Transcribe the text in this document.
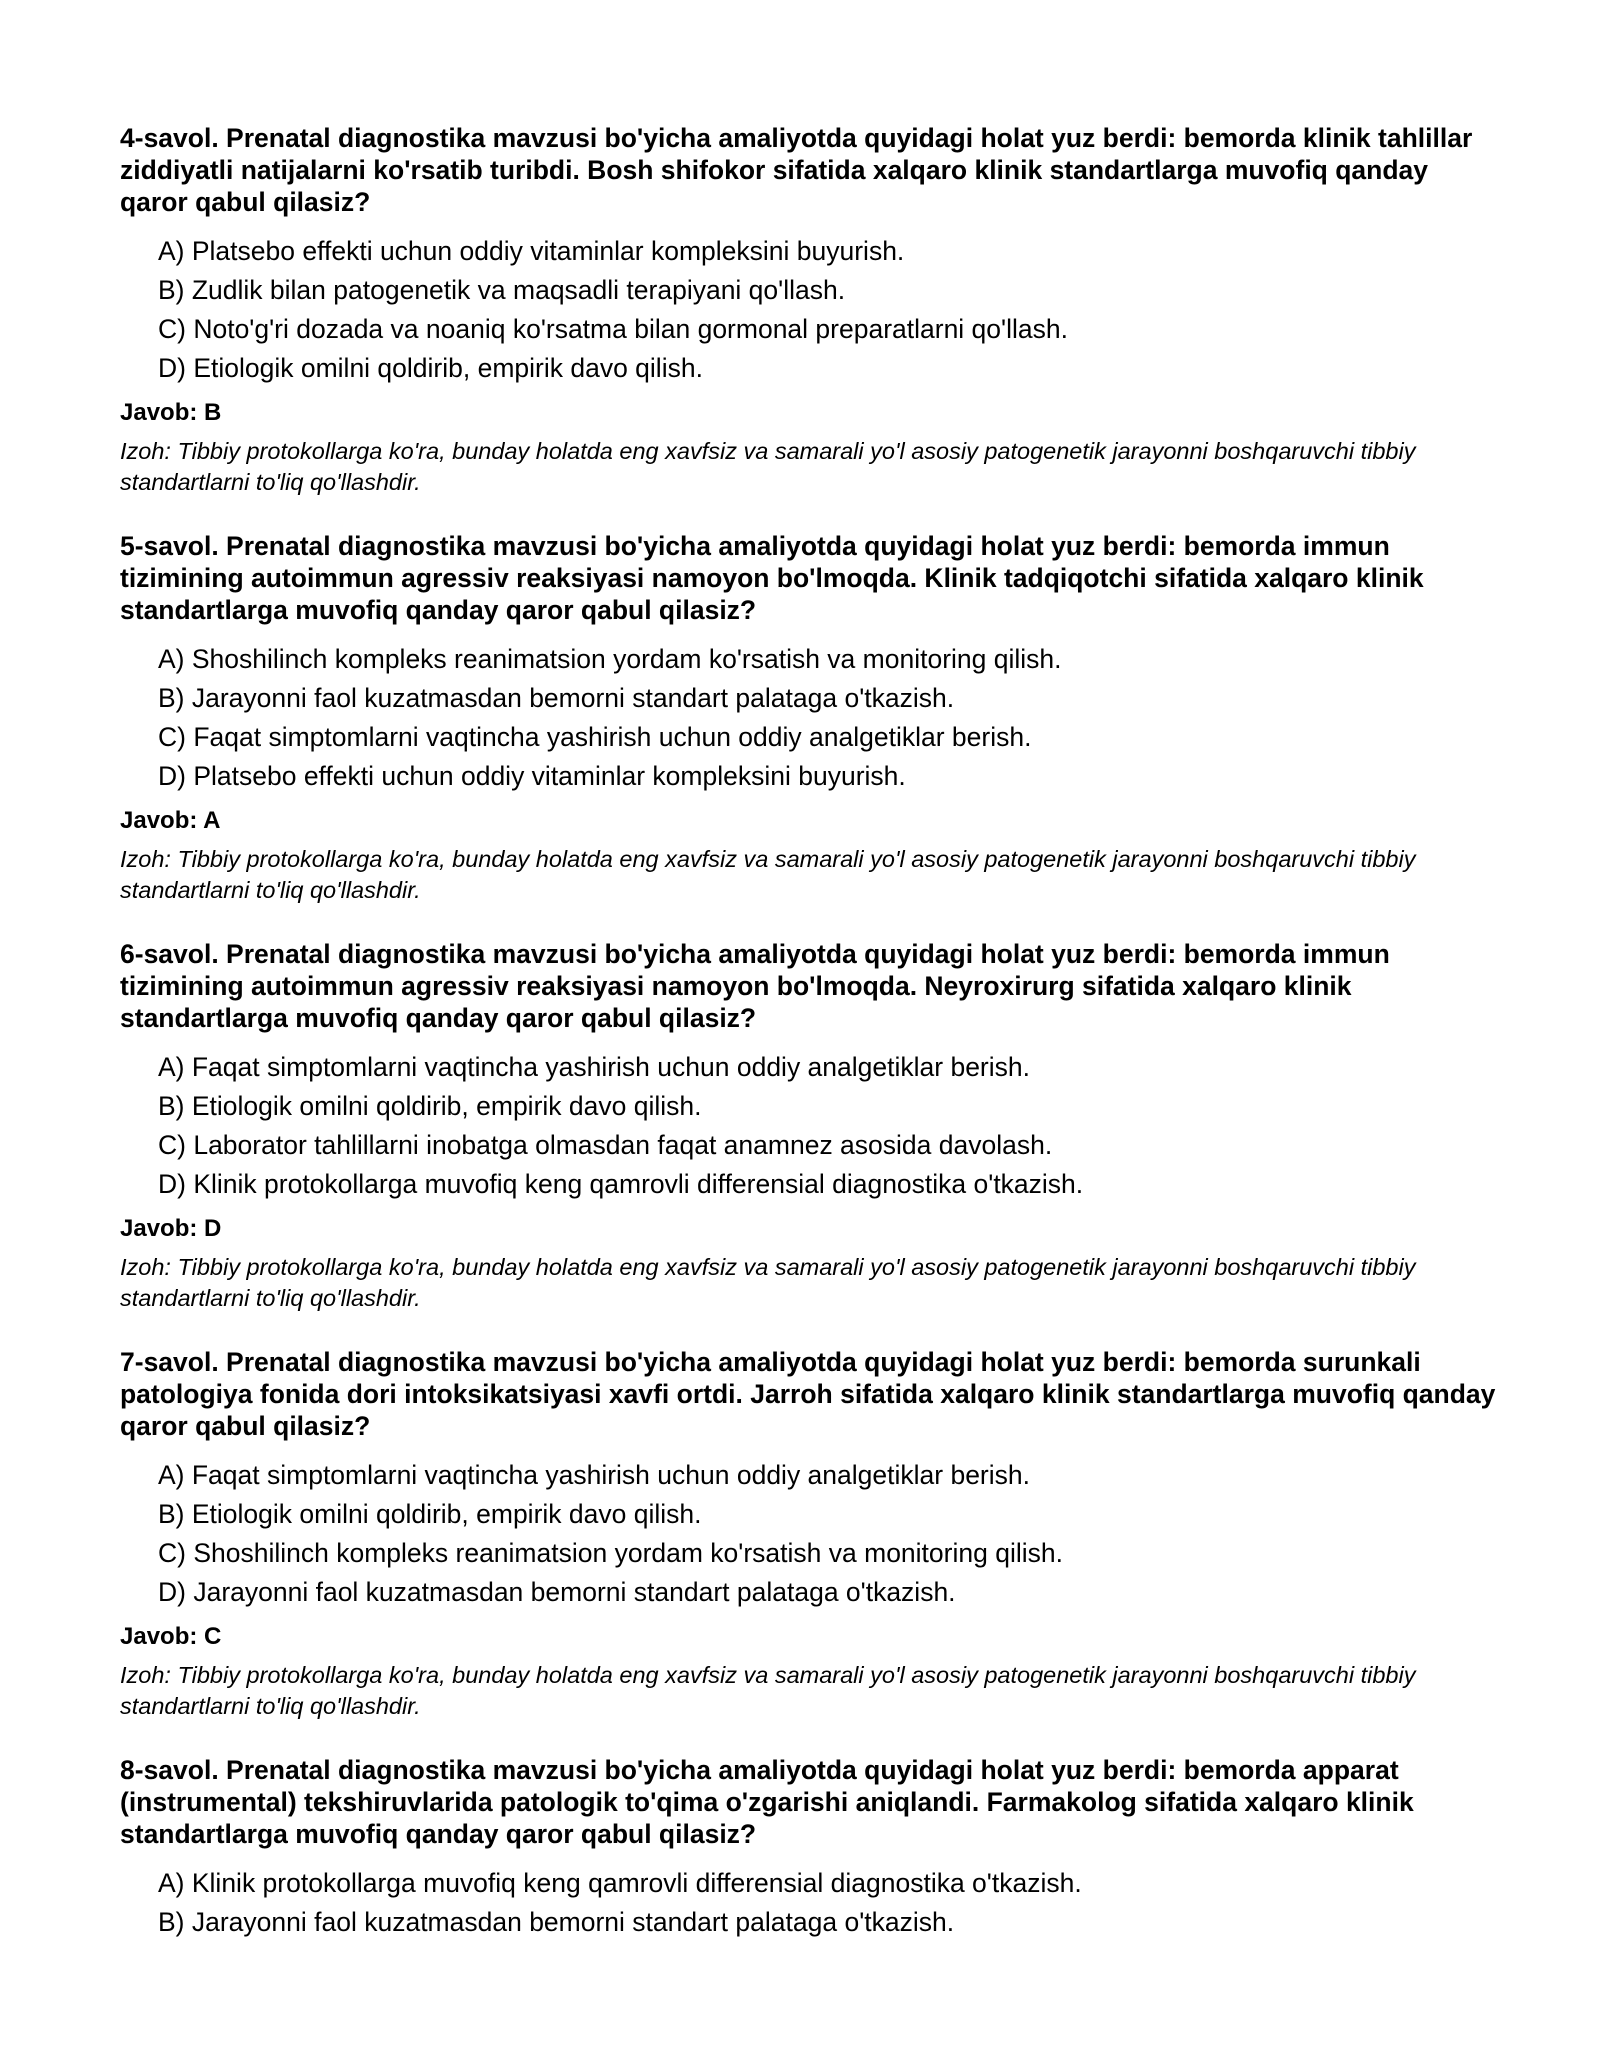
4-savol. Prenatal diagnostika mavzusi bo'yicha amaliyotda quyidagi holat yuz berdi: bemorda klinik tahlillar ziddiyatli natijalarni ko'rsatib turibdi. Bosh shifokor sifatida xalqaro klinik standartlarga muvofiq qanday qaror qabul qilasiz?
A) Platsebo effekti uchun oddiy vitaminlar kompleksini buyurish.
B) Zudlik bilan patogenetik va maqsadli terapiyani qo'llash.
C) Noto'g'ri dozada va noaniq ko'rsatma bilan gormonal preparatlarni qo'llash.
D) Etiologik omilni qoldirib, empirik davo qilish.
Javob: B
Izoh: Tibbiy protokollarga ko'ra, bunday holatda eng xavfsiz va samarali yo'l asosiy patogenetik jarayonni boshqaruvchi tibbiy standartlarni to'liq qo'llashdir.
5-savol. Prenatal diagnostika mavzusi bo'yicha amaliyotda quyidagi holat yuz berdi: bemorda immun tizimining autoimmun agressiv reaksiyasi namoyon bo'lmoqda. Klinik tadqiqotchi sifatida xalqaro klinik standartlarga muvofiq qanday qaror qabul qilasiz?
A) Shoshilinch kompleks reanimatsion yordam ko'rsatish va monitoring qilish.
B) Jarayonni faol kuzatmasdan bemorni standart palataga o'tkazish.
C) Faqat simptomlarni vaqtincha yashirish uchun oddiy analgetiklar berish.
D) Platsebo effekti uchun oddiy vitaminlar kompleksini buyurish.
Javob: A
Izoh: Tibbiy protokollarga ko'ra, bunday holatda eng xavfsiz va samarali yo'l asosiy patogenetik jarayonni boshqaruvchi tibbiy standartlarni to'liq qo'llashdir.
6-savol. Prenatal diagnostika mavzusi bo'yicha amaliyotda quyidagi holat yuz berdi: bemorda immun tizimining autoimmun agressiv reaksiyasi namoyon bo'lmoqda. Neyroxirurg sifatida xalqaro klinik standartlarga muvofiq qanday qaror qabul qilasiz?
A) Faqat simptomlarni vaqtincha yashirish uchun oddiy analgetiklar berish.
B) Etiologik omilni qoldirib, empirik davo qilish.
C) Laborator tahlillarni inobatga olmasdan faqat anamnez asosida davolash.
D) Klinik protokollarga muvofiq keng qamrovli differensial diagnostika o'tkazish.
Javob: D
Izoh: Tibbiy protokollarga ko'ra, bunday holatda eng xavfsiz va samarali yo'l asosiy patogenetik jarayonni boshqaruvchi tibbiy standartlarni to'liq qo'llashdir.
7-savol. Prenatal diagnostika mavzusi bo'yicha amaliyotda quyidagi holat yuz berdi: bemorda surunkali patologiya fonida dori intoksikatsiyasi xavfi ortdi. Jarroh sifatida xalqaro klinik standartlarga muvofiq qanday qaror qabul qilasiz?
A) Faqat simptomlarni vaqtincha yashirish uchun oddiy analgetiklar berish.
B) Etiologik omilni qoldirib, empirik davo qilish.
C) Shoshilinch kompleks reanimatsion yordam ko'rsatish va monitoring qilish.
D) Jarayonni faol kuzatmasdan bemorni standart palataga o'tkazish.
Javob: C
Izoh: Tibbiy protokollarga ko'ra, bunday holatda eng xavfsiz va samarali yo'l asosiy patogenetik jarayonni boshqaruvchi tibbiy standartlarni to'liq qo'llashdir.
8-savol. Prenatal diagnostika mavzusi bo'yicha amaliyotda quyidagi holat yuz berdi: bemorda apparat (instrumental) tekshiruvlarida patologik to'qima o'zgarishi aniqlandi. Farmakolog sifatida xalqaro klinik standartlarga muvofiq qanday qaror qabul qilasiz?
A) Klinik protokollarga muvofiq keng qamrovli differensial diagnostika o'tkazish.
B) Jarayonni faol kuzatmasdan bemorni standart palataga o'tkazish.
